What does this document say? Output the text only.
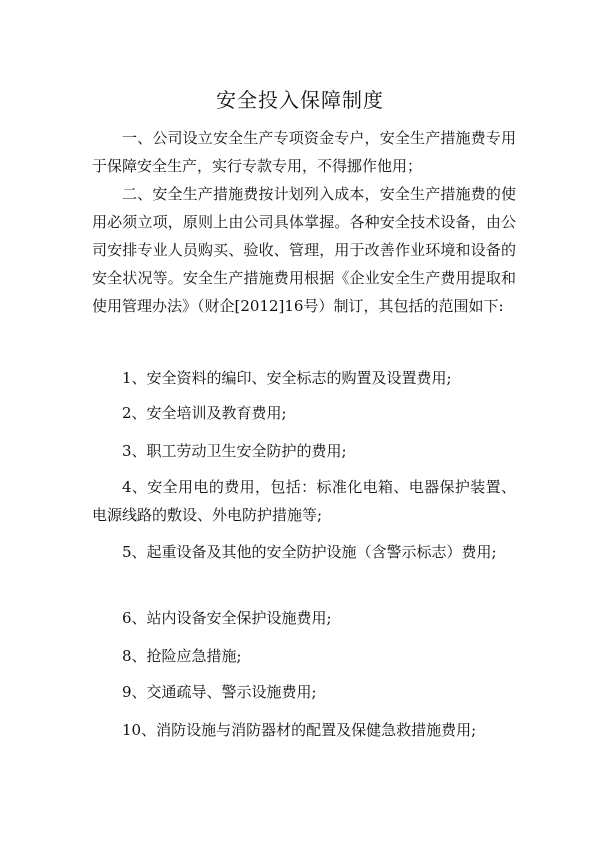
安全投入保障制度

一、公司设立安全生产专项资金专户，安全生产措施费专用于保障安全生产，实行专款专用，不得挪作他用；

二、安全生产措施费按计划列入成本，安全生产措施费的使用必须立项，原则上由公司具体掌握。各种安全技术设备，由公司安排专业人员购买、验收、管理，用于改善作业环境和设备的安全状况等。安全生产措施费用根据《企业安全生产费用提取和使用管理办法》（财企[2012]16号）制订，其包括的范围如下:

1、安全资料的编印、安全标志的购置及设置费用;

2、安全培训及教育费用;

3、职工劳动卫生安全防护的费用;

4、安全用电的费用，包括：标准化电箱、电器保护装置、电源线路的敷设、外电防护措施等;

5、起重设备及其他的安全防护设施（含警示标志）费用;

6、站内设备安全保护设施费用;

8、抢险应急措施;

9、交通疏导、警示设施费用;

10、消防设施与消防器材的配置及保健急救措施费用;
